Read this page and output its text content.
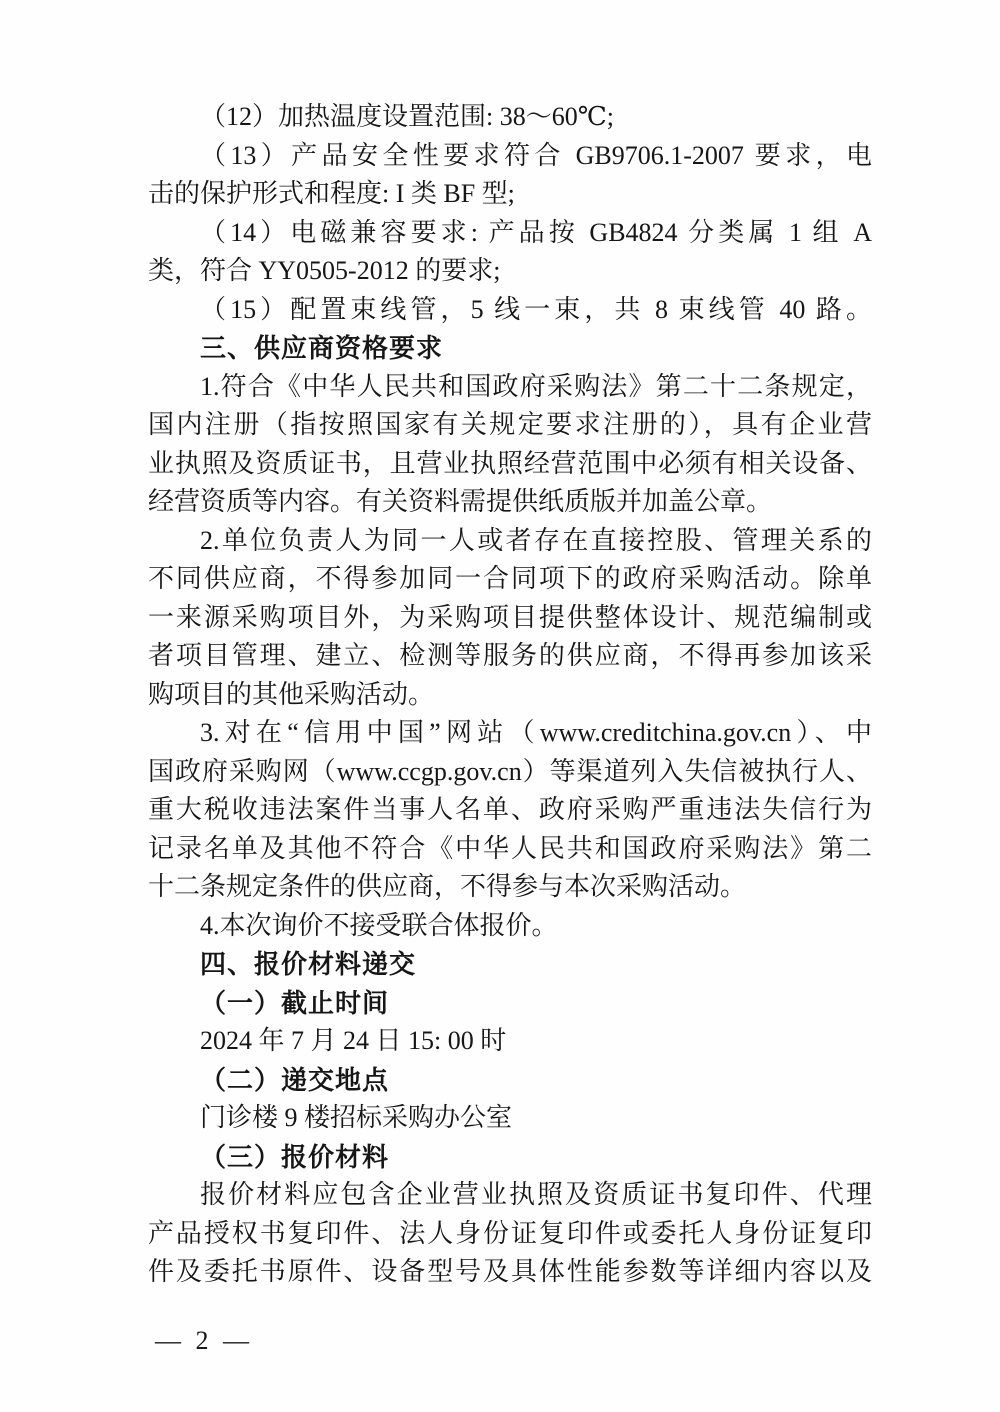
（12）加热温度设置范围: 38～60℃;
（13）产品安全性要求符合 GB9706.1-2007 要求，电
击的保护形式和程度: I 类 BF 型;
（14）电磁兼容要求: 产品按 GB4824 分类属 1 组 A
类，符合 YY0505-2012 的要求;
（15）配置束线管，5 线一束，共 8 束线管 40 路。
三、供应商资格要求
1.符合《中华人民共和国政府采购法》第二十二条规定，
国内注册（指按照国家有关规定要求注册的），具有企业营
业执照及资质证书，且营业执照经营范围中必须有相关设备、
经营资质等内容。有关资料需提供纸质版并加盖公章。
2.单位负责人为同一人或者存在直接控股、管理关系的
不同供应商，不得参加同一合同项下的政府采购活动。除单
一来源采购项目外，为采购项目提供整体设计、规范编制或
者项目管理、建立、检测等服务的供应商，不得再参加该采
购项目的其他采购活动。
3.对在“信用中国”网站（www.creditchina.gov.cn）、中
国政府采购网（www.ccgp.gov.cn）等渠道列入失信被执行人、
重大税收违法案件当事人名单、政府采购严重违法失信行为
记录名单及其他不符合《中华人民共和国政府采购法》第二
十二条规定条件的供应商，不得参与本次采购活动。
4.本次询价不接受联合体报价。
四、报价材料递交
（一）截止时间
2024 年 7 月 24 日 15: 00 时
（二）递交地点
门诊楼 9 楼招标采购办公室
（三）报价材料
报价材料应包含企业营业执照及资质证书复印件、代理
产品授权书复印件、法人身份证复印件或委托人身份证复印
件及委托书原件、设备型号及具体性能参数等详细内容以及
— 2 —
